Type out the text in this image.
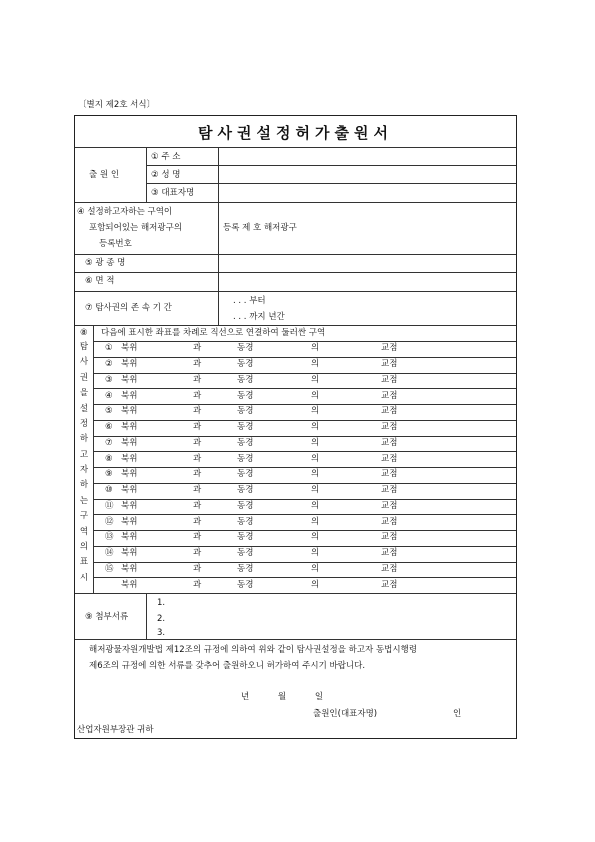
〔별지 제2호 서식〕
탐사권설정허가출원서
출 원 인
① 주 소
② 성 명
③ 대표자명
④ 설정하고자하는 구역이
포함되어있는 해저광구의
등록번호
등록 제 호 해저광구
⑤ 광 종 명
⑥ 면 적
⑦ 탐사권의 존 속 기 간
. . . 부터
. . . 까지 년간
⑧ 다음에 표시한 좌표를 차례로 직선으로 연결하여 둘러싼 구역
탐
사
권
을
설
정
하
고
자
하
는
구
역
의
표
시
① 북위	과	동경	의	교점
② 북위	과	동경	의	교점
③ 북위	과	동경	의	교점
④ 북위	과	동경	의	교점
⑤ 북위	과	동경	의	교점
⑥ 북위	과	동경	의	교점
⑦ 북위	과	동경	의	교점
⑧ 북위	과	동경	의	교점
⑨ 북위	과	동경	의	교점
⑩ 북위	과	동경	의	교점
⑪ 북위	과	동경	의	교점
⑫ 북위	과	동경	의	교점
⑬ 북위	과	동경	의	교점
⑭ 북위	과	동경	의	교점
⑮ 북위	과	동경	의	교점
북위	과	동경	의	교점
⑨ 첨부서류
1.
2.
3.
해저광물자원개발법 제12조의 규정에 의하여 위와 같이 탐사권설정을 하고자 동법시행령
제6조의 규정에 의한 서류를 갖추어 출원하오니 허가하여 주시기 바랍니다.
년 월 일
출원인(대표자명)	인
산업자원부장관 귀하
